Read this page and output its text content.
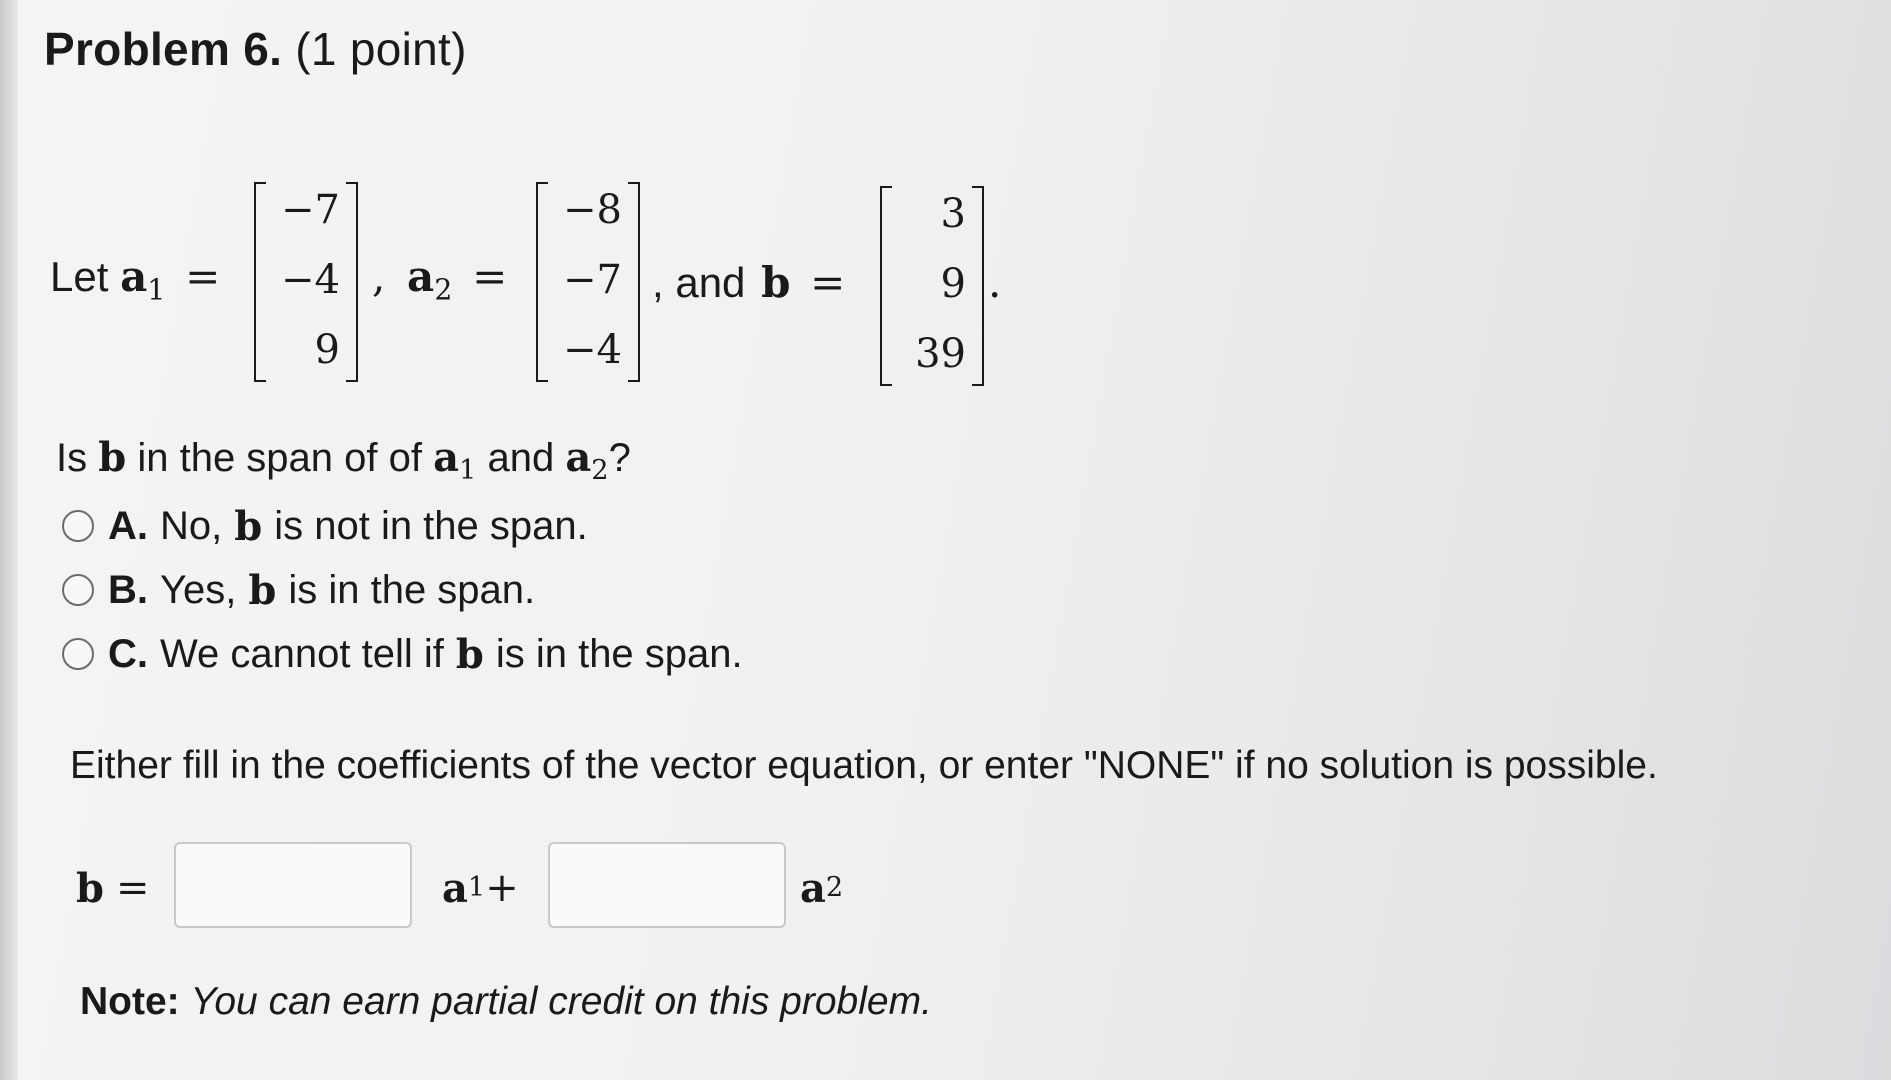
Problem 6. (1 point)
Let $a_1$ =
−7
−4
9
, $a_2$ =
−8
−7
−4
, and b =
3
9
39
.
Is b in the span of of $a_1$ and $a_2$?
A. No, b is not in the span.
B. Yes, b is in the span.
C. We cannot tell if b is in the span.
Either fill in the coefficients of the vector equation, or enter "NONE" if no solution is possible.
b =	a 1 +	a 2
Note: You can earn partial credit on this problem.
